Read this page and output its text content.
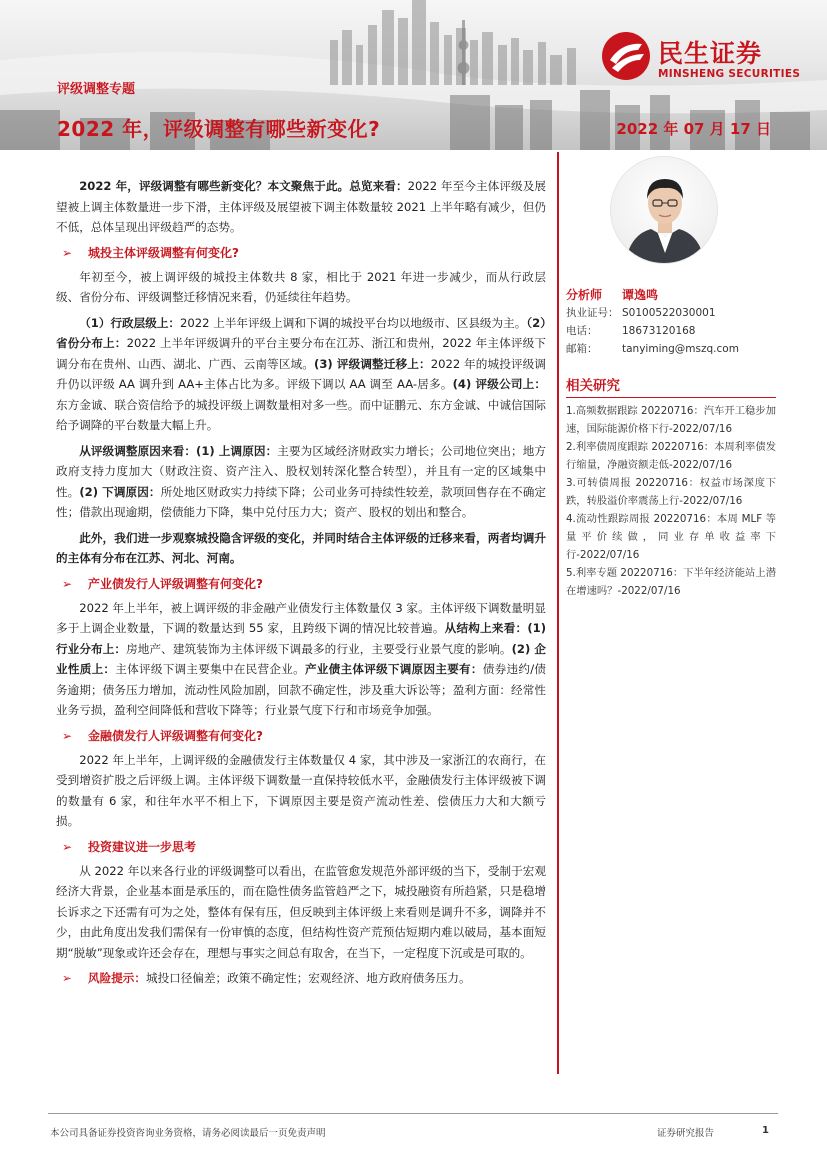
评级调整专题
2022 年，评级调整有哪些新变化?	2022 年 07 月 17 日
民生证券
MINSHENG SECURITIES

2022 年，评级调整有哪些新变化？本文聚焦于此。总览来看：2022 年至今主体评级及展望被上调主体数量进一步下滑，主体评级及展望被下调主体数量较 2021 上半年略有减少，但仍不低，总体呈现出评级趋严的态势。

➢ 城投主体评级调整有何变化?

年初至今，被上调评级的城投主体数共 8 家，相比于 2021 年进一步减少，而从行政层级、省份分布、评级调整迁移情况来看，仍延续往年趋势。

（1）行政层级上：2022 上半年评级上调和下调的城投平台均以地级市、区县级为主。（2）省份分布上：2022 上半年评级调升的平台主要分布在江苏、浙江和贵州，2022 年主体评级下调分布在贵州、山西、湖北、广西、云南等区域。(3) 评级调整迁移上：2022 年的城投评级调升仍以评级 AA 调升到 AA+主体占比为多。评级下调以 AA 调至 AA-居多。(4) 评级公司上：东方金诚、联合资信给予的城投评级上调数量相对多一些。而中证鹏元、东方金诚、中诚信国际给予调降的平台数量大幅上升。

从评级调整原因来看：(1) 上调原因：主要为区域经济财政实力增长；公司地位突出；地方政府支持力度加大（财政注资、资产注入、股权划转深化整合转型），并且有一定的区域集中性。(2) 下调原因：所处地区财政实力持续下降；公司业务可持续性较差，款项回售存在不确定性；借款出现逾期，偿债能力下降，集中兑付压力大；资产、股权的划出和整合。

此外，我们进一步观察城投隐含评级的变化，并同时结合主体评级的迁移来看，两者均调升的主体有分布在江苏、河北、河南。

➢ 产业债发行人评级调整有何变化?

2022 年上半年，被上调评级的非金融产业债发行主体数量仅 3 家。主体评级下调数量明显多于上调企业数量，下调的数量达到 55 家，且跨级下调的情况比较普遍。从结构上来看：(1) 行业分布上：房地产、建筑装饰为主体评级下调最多的行业，主要受行业景气度的影响。(2) 企业性质上：主体评级下调主要集中在民营企业。产业债主体评级下调原因主要有：债券违约/债务逾期；债务压力增加，流动性风险加剧，回款不确定性，涉及重大诉讼等；盈利方面：经常性业务亏损，盈利空间降低和营收下降等；行业景气度下行和市场竞争加强。

➢ 金融债发行人评级调整有何变化?

2022 年上半年，上调评级的金融债发行主体数量仅 4 家，其中涉及一家浙江的农商行，在受到增资扩股之后评级上调。主体评级下调数量一直保持较低水平，金融债发行主体评级被下调的数量有 6 家，和往年水平不相上下，下调原因主要是资产流动性差、偿债压力大和大额亏损。

➢ 投资建议进一步思考

从 2022 年以来各行业的评级调整可以看出，在监管愈发规范外部评级的当下，受制于宏观经济大背景，企业基本面是承压的，而在隐性债务监管趋严之下，城投融资有所趋紧，只是稳增长诉求之下还需有可为之处，整体有保有压，但反映到主体评级上来看则是调升不多，调降并不少，由此角度出发我们需保有一份审慎的态度，但结构性资产荒预估短期内难以破局，基本面短期“脱敏”现象或许还会存在，理想与事实之间总有取舍，在当下，一定程度下沉或是可取的。

➢ 风险提示：城投口径偏差；政策不确定性；宏观经济、地方政府债务压力。
分析师	谭逸鸣
执业证号： S0100522030001
电话：	18673120168
邮箱：	tanyiming@mszq.com
相关研究
1.高频数据跟踪 20220716：汽车开工稳步加速，国际能源价格下行-2022/07/16
2.利率债周度跟踪 20220716：本周利率债发行缩量，净融资额走低-2022/07/16
3.可转债周报 20220716：权益市场深度下跌，转股溢价率震荡上行-2022/07/16
4.流动性跟踪周报 20220716：本周 MLF 等量平价续做，同业存单收益率下行-2022/07/16
5.利率专题 20220716：下半年经济能站上潜在增速吗？-2022/07/16
本公司具备证券投资咨询业务资格，请务必阅读最后一页免责声明	证券研究报告	1
